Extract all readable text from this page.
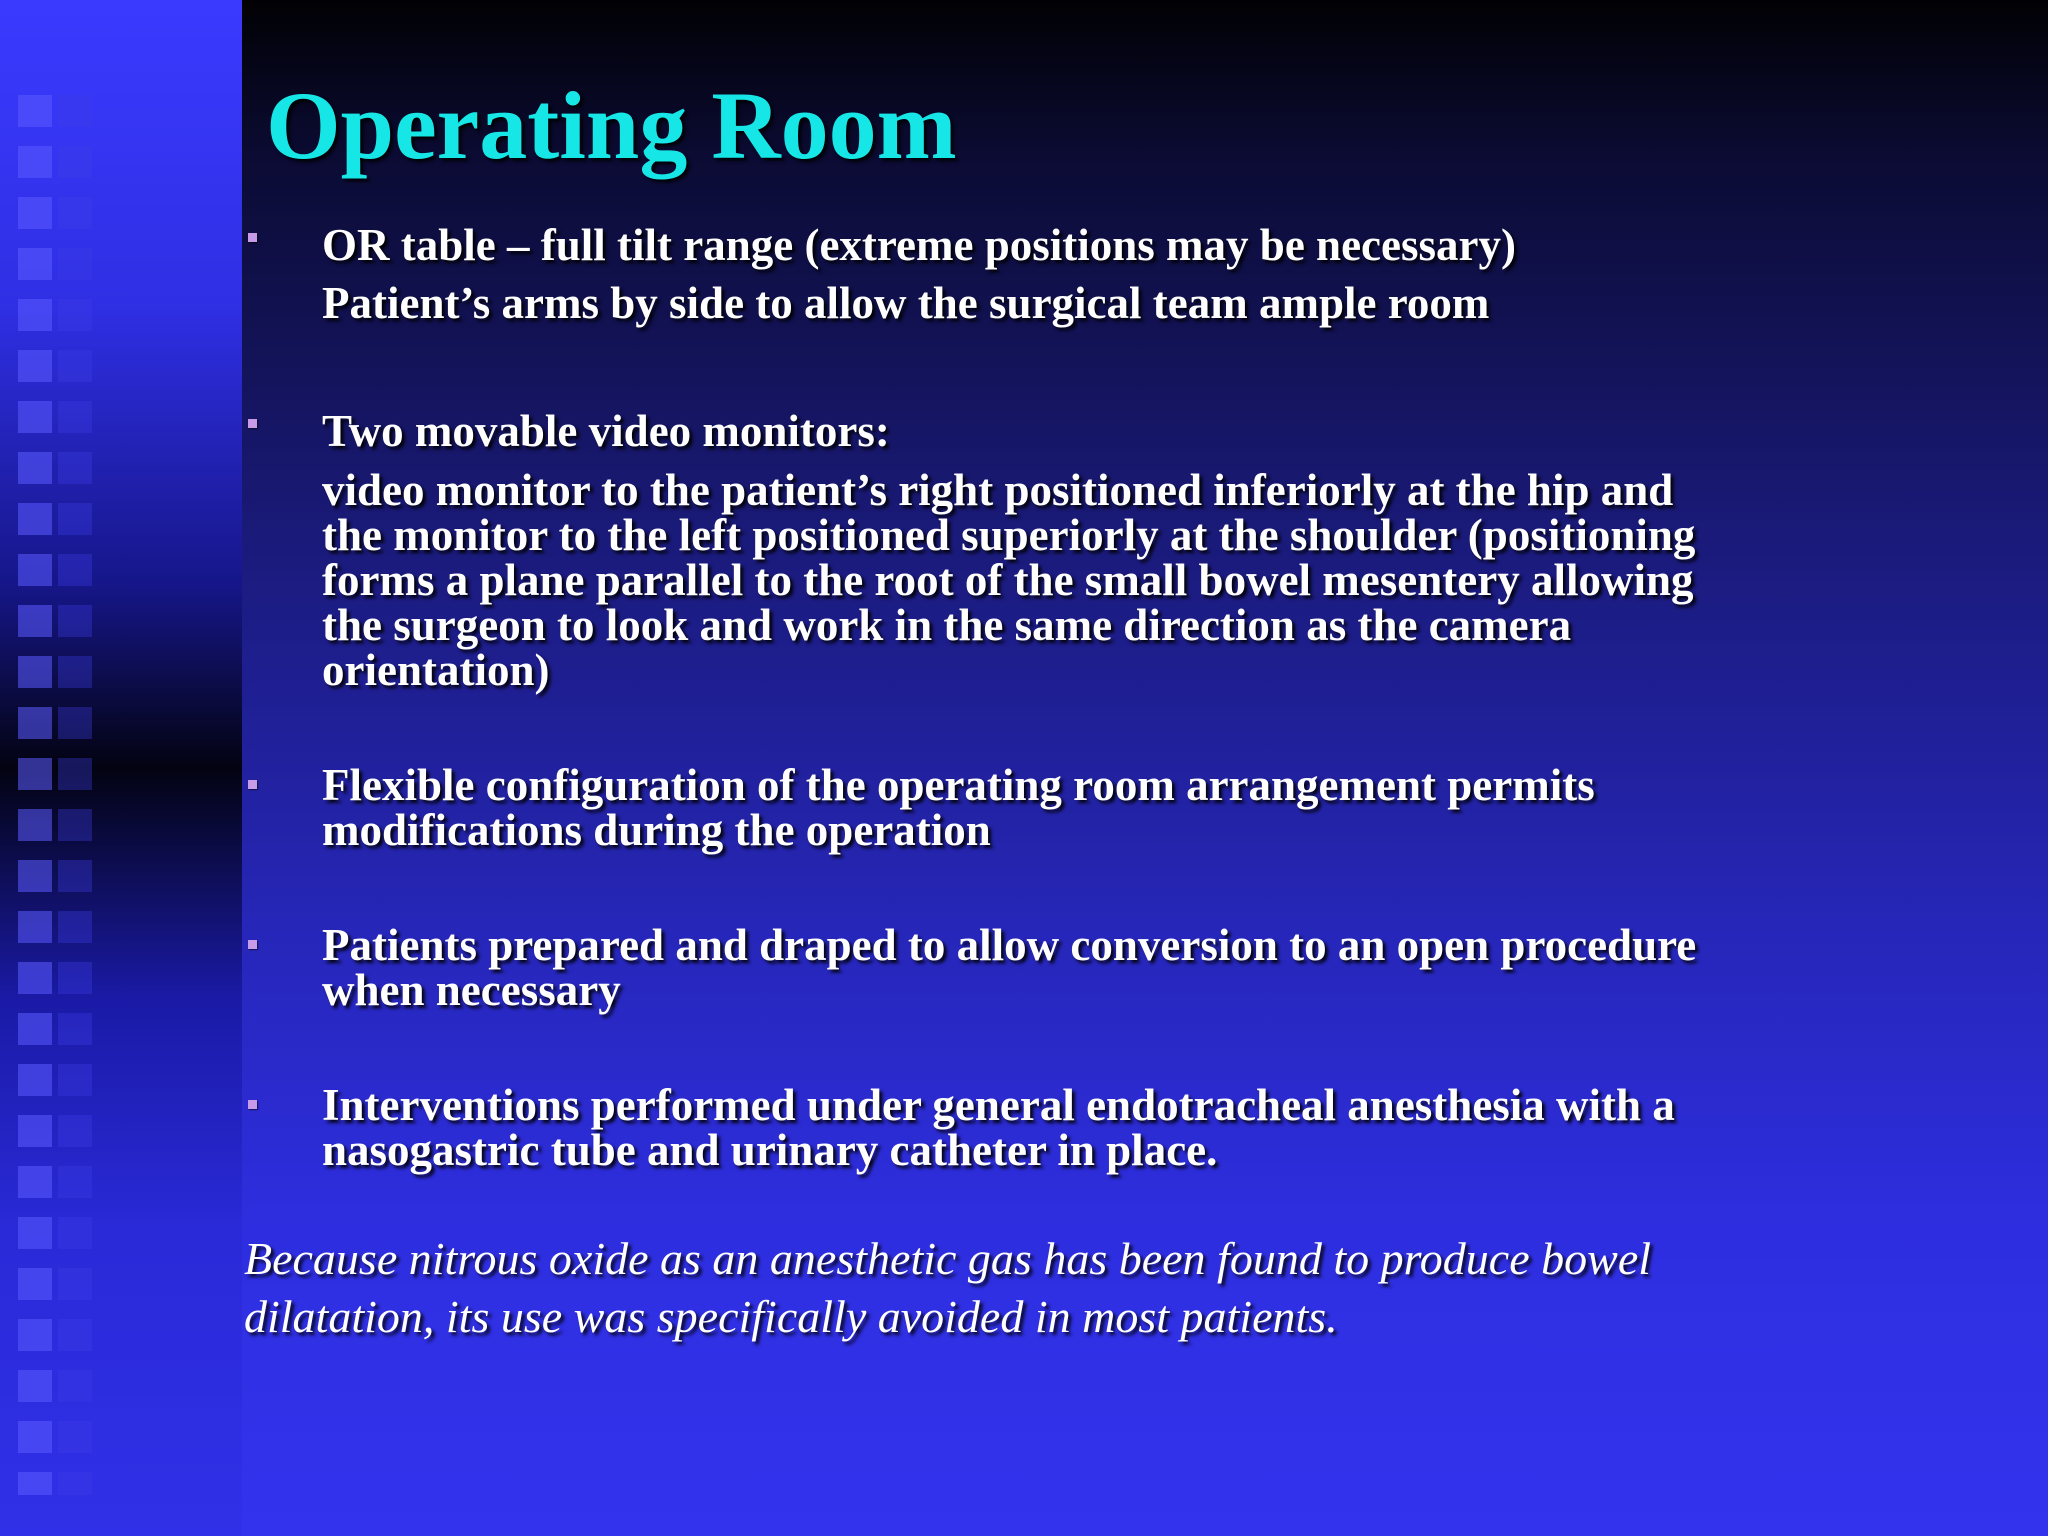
Operating Room
OR table – full tilt range (extreme positions may be necessary)
Patient’s arms by side to allow the surgical team ample room
Two movable video monitors:
video monitor to the patient’s right positioned inferiorly at the hip and
the monitor to the left positioned superiorly at the shoulder (positioning
forms a plane parallel to the root of the small bowel mesentery allowing
the surgeon to look and work in the same direction as the camera
orientation)
Flexible configuration of the operating room arrangement permits
modifications during the operation
Patients prepared and draped to allow conversion to an open procedure
when necessary
Interventions performed under general endotracheal anesthesia with a
nasogastric tube and urinary catheter in place.

Because nitrous oxide as an anesthetic gas has been found to produce bowel
dilatation, its use was specifically avoided in most patients.
